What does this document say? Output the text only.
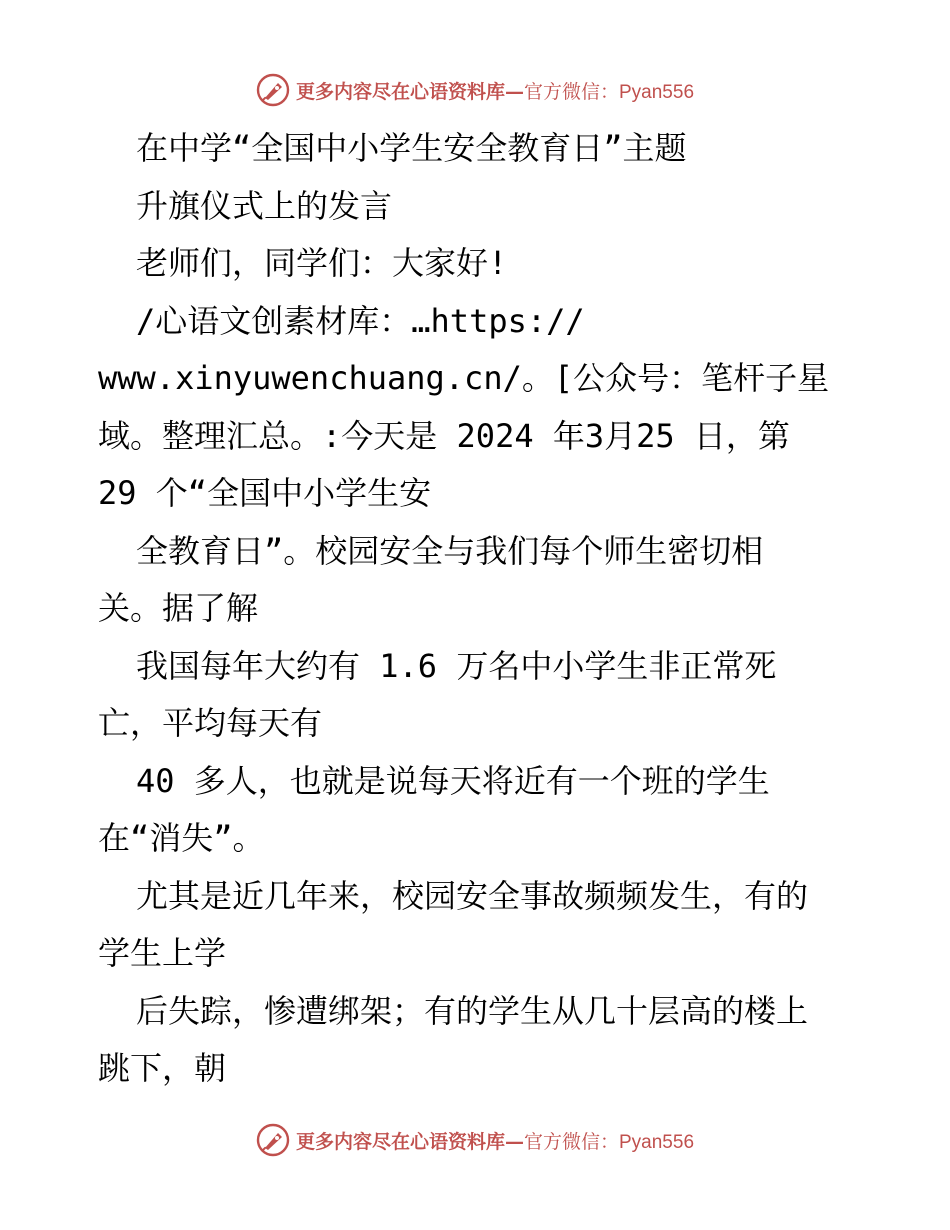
更多内容尽在心语资料库—官方微信：Pyan556
在中学“全国中小学生安全教育日”主题
升旗仪式上的发言
老师们，同学们：大家好!
/心语文创素材库：…https://
www.xinyuwenchuang.cn/。[公众号：笔杆子星
域。整理汇总。:今天是 2024 年3月25 日，第
29 个“全国中小学生安
全教育日”。校园安全与我们每个师生密切相
关。据了解
我国每年大约有 1.6 万名中小学生非正常死
亡，平均每天有
40 多人，也就是说每天将近有一个班的学生
在“消失”。
尤其是近几年来，校园安全事故频频发生，有的
学生上学
后失踪，惨遭绑架；有的学生从几十层高的楼上
跳下，朝
更多内容尽在心语资料库—官方微信：Pyan556
